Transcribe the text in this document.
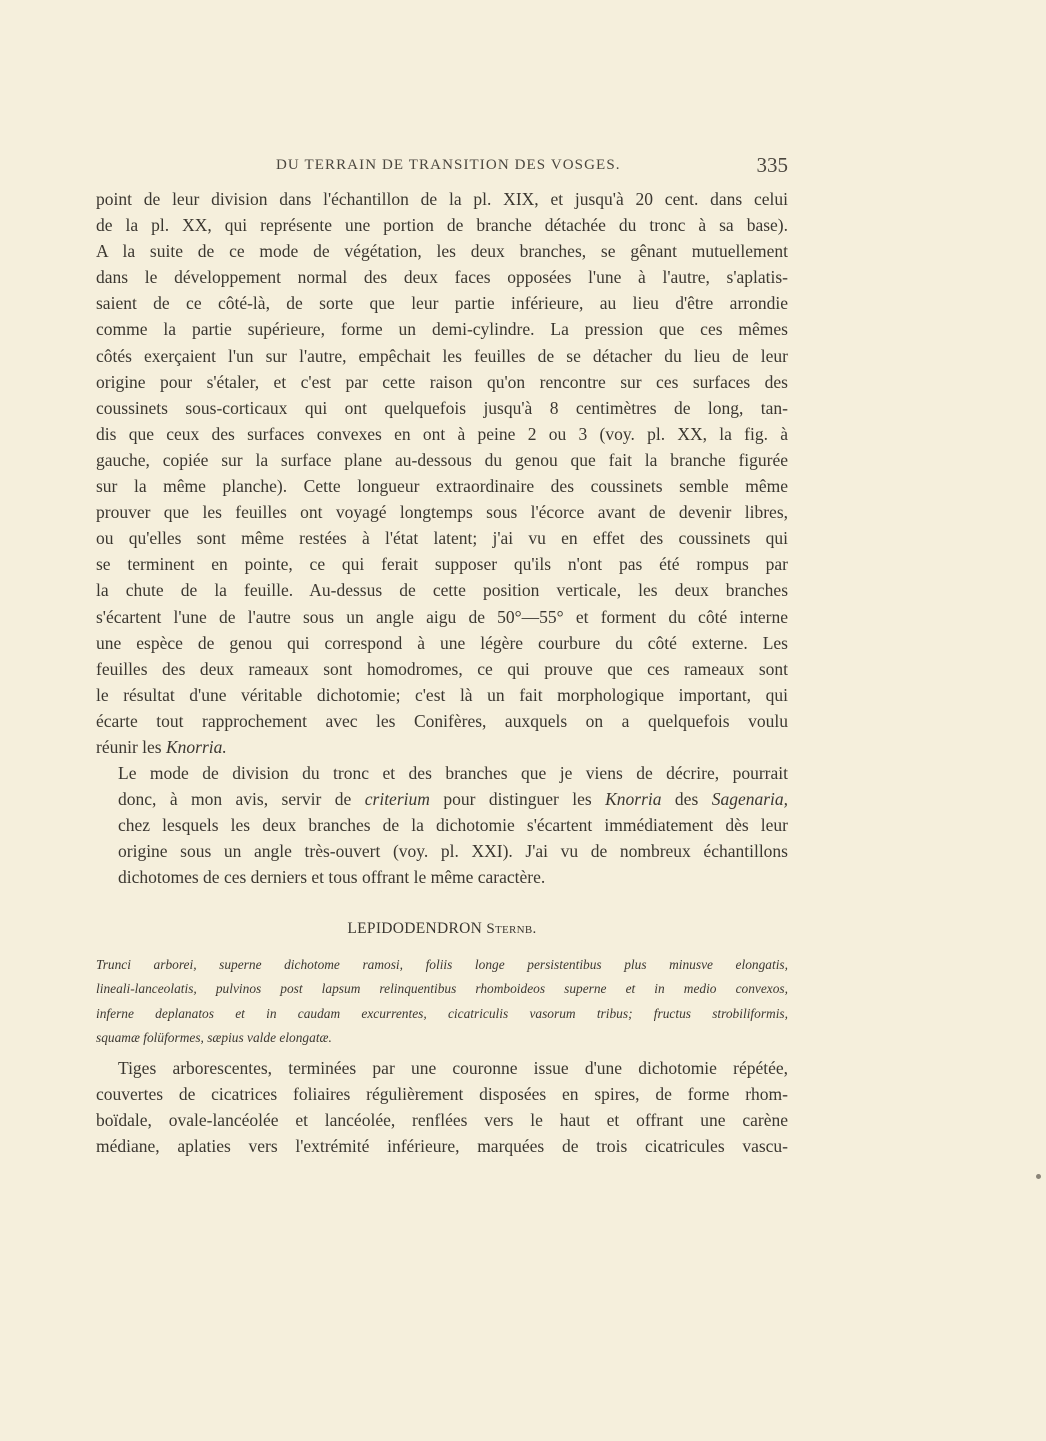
DU TERRAIN DE TRANSITION DES VOSGES.	335

point de leur division dans l'échantillon de la pl. XIX, et jusqu'à 20 cent. dans celui
de la pl. XX, qui représente une portion de branche détachée du tronc à sa base).
A la suite de ce mode de végétation, les deux branches, se gênant mutuellement
dans le développement normal des deux faces opposées l'une à l'autre, s'aplatis-
saient de ce côté-là, de sorte que leur partie inférieure, au lieu d'être arrondie
comme la partie supérieure, forme un demi-cylindre. La pression que ces mêmes
côtés exerçaient l'un sur l'autre, empêchait les feuilles de se détacher du lieu de leur
origine pour s'étaler, et c'est par cette raison qu'on rencontre sur ces surfaces des
coussinets sous-corticaux qui ont quelquefois jusqu'à 8 centimètres de long, tan-
dis que ceux des surfaces convexes en ont à peine 2 ou 3 (voy. pl. XX, la fig. à
gauche, copiée sur la surface plane au-dessous du genou que fait la branche figurée
sur la même planche). Cette longueur extraordinaire des coussinets semble même
prouver que les feuilles ont voyagé longtemps sous l'écorce avant de devenir libres,
ou qu'elles sont même restées à l'état latent; j'ai vu en effet des coussinets qui
se terminent en pointe, ce qui ferait supposer qu'ils n'ont pas été rompus par
la chute de la feuille. Au-dessus de cette position verticale, les deux branches
s'écartent l'une de l'autre sous un angle aigu de 50°—55° et forment du côté interne
une espèce de genou qui correspond à une légère courbure du côté externe. Les
feuilles des deux rameaux sont homodromes, ce qui prouve que ces rameaux sont
le résultat d'une véritable dichotomie; c'est là un fait morphologique important, qui
écarte tout rapprochement avec les Conifères, auxquels on a quelquefois voulu
réunir les Knorria.

Le mode de division du tronc et des branches que je viens de décrire, pourrait
donc, à mon avis, servir de criterium pour distinguer les Knorria des Sagenaria,
chez lesquels les deux branches de la dichotomie s'écartent immédiatement dès leur
origine sous un angle très-ouvert (voy. pl. XXI). J'ai vu de nombreux échantillons
dichotomes de ces derniers et tous offrant le même caractère.

LEPIDODENDRON Sternb.

Trunci arborei, superne dichotome ramosi, foliis longe persistentibus plus minusve elongatis,
lineali-lanceolatis, pulvinos post lapsum relinquentibus rhomboideos superne et in medio convexos,
inferne deplanatos et in caudam excurrentes, cicatriculis vasorum tribus; fructus strobiliformis,
squamæ folüformes, sæpius valde elongatæ.

Tiges arborescentes, terminées par une couronne issue d'une dichotomie répétée,
couvertes de cicatrices foliaires régulièrement disposées en spires, de forme rhom-
boïdale, ovale-lancéolée et lancéolée, renflées vers le haut et offrant une carène
médiane, aplaties vers l'extrémité inférieure, marquées de trois cicatricules vascu-
